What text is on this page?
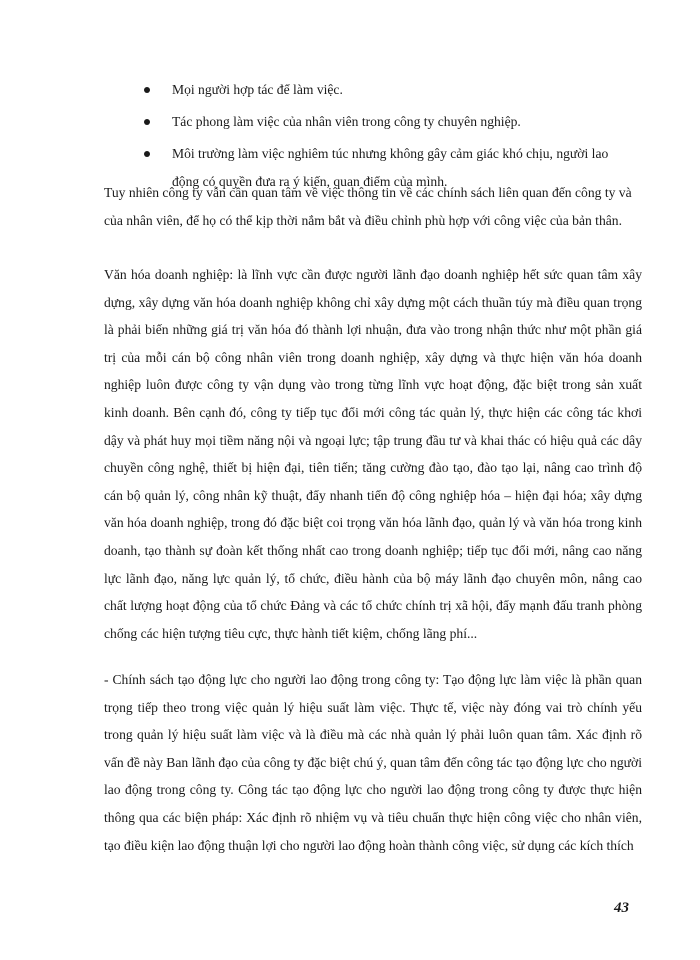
Mọi người hợp tác để làm việc.
Tác phong làm việc của nhân viên trong công ty chuyên nghiệp.
Môi trường làm việc nghiêm túc nhưng không gây cảm giác khó chịu, người lao động có quyền đưa ra ý kiến, quan điểm của mình.

Tuy nhiên công ty vẫn cần quan tâm về việc thông tin về các chính sách liên quan đến công ty và của nhân viên, để họ có thể kịp thời nắm bắt và điều chỉnh phù hợp với công việc của bản thân.

Văn hóa doanh nghiệp: là lĩnh vực cần được người lãnh đạo doanh nghiệp hết sức quan tâm xây dựng, xây dựng văn hóa doanh nghiệp không chỉ xây dựng một cách thuần túy mà điều quan trọng là phải biến những giá trị văn hóa đó thành lợi nhuận, đưa vào trong nhận thức như một phần giá trị của mỗi cán bộ công nhân viên trong doanh nghiệp, xây dựng và thực hiện văn hóa doanh nghiệp luôn được công ty vận dụng vào trong từng lĩnh vực hoạt động, đặc biệt trong sản xuất kinh doanh. Bên cạnh đó, công ty tiếp tục đổi mới công tác quản lý, thực hiện các công tác khơi dậy và phát huy mọi tiềm năng nội và ngoại lực; tập trung đầu tư và khai thác có hiệu quả các dây chuyền công nghệ, thiết bị hiện đại, tiên tiến; tăng cường đào tạo, đào tạo lại, nâng cao trình độ cán bộ quản lý, công nhân kỹ thuật, đẩy nhanh tiến độ công nghiệp hóa – hiện đại hóa; xây dựng văn hóa doanh nghiệp, trong đó đặc biệt coi trọng văn hóa lãnh đạo, quản lý và văn hóa trong kinh doanh, tạo thành sự đoàn kết thống nhất cao trong doanh nghiệp; tiếp tục đổi mới, nâng cao năng lực lãnh đạo, năng lực quản lý, tổ chức, điều hành của bộ máy lãnh đạo chuyên môn, nâng cao chất lượng hoạt động của tổ chức Đảng và các tổ chức chính trị xã hội, đẩy mạnh đấu tranh phòng chống các hiện tượng tiêu cực, thực hành tiết kiệm, chống lãng phí...

- Chính sách tạo động lực cho người lao động trong công ty: Tạo động lực làm việc là phần quan trọng tiếp theo trong việc quản lý hiệu suất làm việc. Thực tế, việc này đóng vai trò chính yếu trong quản lý hiệu suất làm việc và là điều mà các nhà quản lý phải luôn quan tâm. Xác định rõ vấn đề này Ban lãnh đạo của công ty đặc biệt chú ý, quan tâm đến công tác tạo động lực cho người lao động trong công ty. Công tác tạo động lực cho người lao động trong công ty được thực hiện thông qua các biện pháp: Xác định rõ nhiệm vụ và tiêu chuẩn thực hiện công việc cho nhân viên, tạo điều kiện lao động thuận lợi cho người lao động hoàn thành công việc, sử dụng các kích thích

43
